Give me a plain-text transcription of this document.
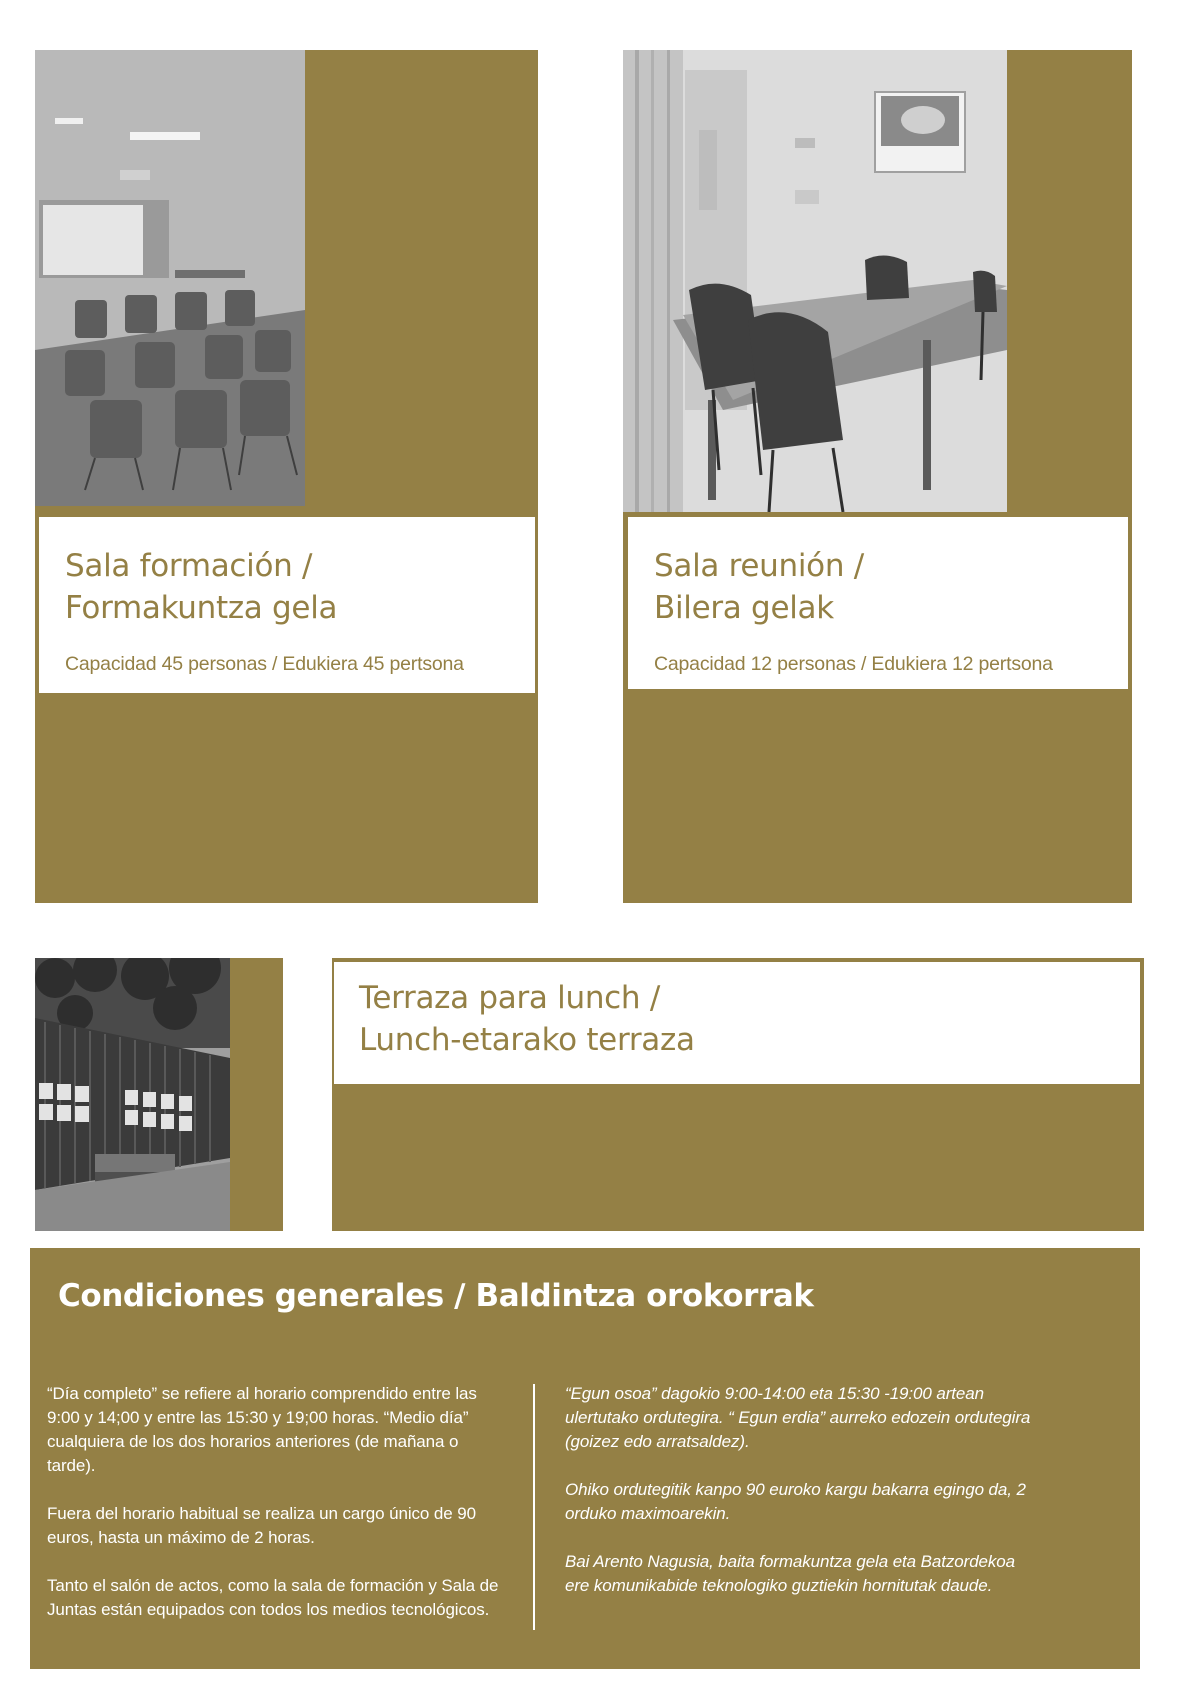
Sala formación /
Formakuntza gela
Capacidad 45 personas / Edukiera 45 pertsona
Sala reunión /
Bilera gelak
Capacidad 12 personas / Edukiera 12 pertsona
Terraza para lunch /
Lunch-etarako terraza
Condiciones generales / Baldintza orokorrak

“Día completo” se refiere al horario comprendido entre las 9:00 y 14;00 y entre las 15:30 y 19;00 horas. “Medio día” cualquiera de los dos horarios anteriores (de mañana o tarde).

Fuera del horario habitual se realiza un cargo único de 90 euros, hasta un máximo de 2 horas.

Tanto el salón de actos, como la sala de formación y Sala de Juntas están equipados con todos los medios tecnológicos.

“Egun osoa” dagokio 9:00-14:00 eta 15:30 -19:00 artean ulertutako ordutegira. “ Egun erdia” aurreko edozein ordutegira (goizez edo arratsaldez).

Ohiko ordutegitik kanpo 90 euroko kargu bakarra egingo da, 2 orduko maximoarekin.

Bai Arento Nagusia, baita formakuntza gela eta Batzordekoa ere komunikabide teknologiko guztiekin hornitutak daude.
